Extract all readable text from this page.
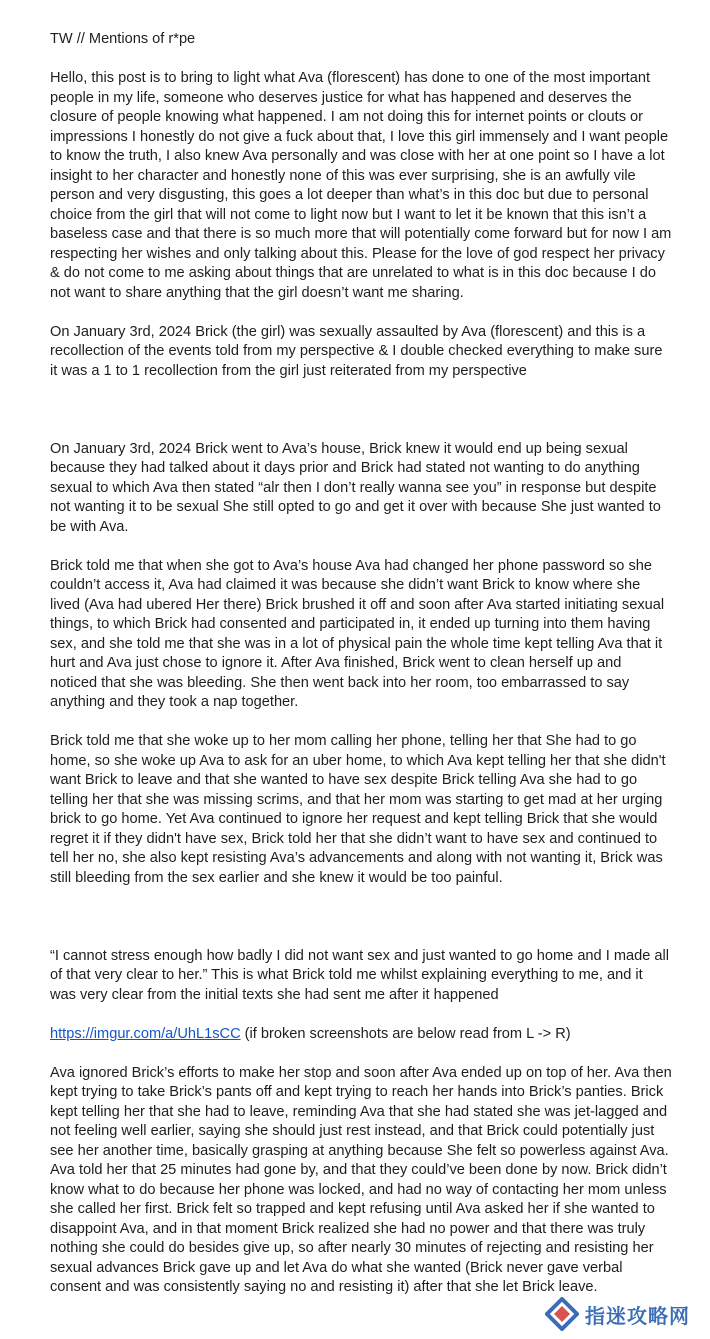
TW // Mentions of r*pe

Hello, this post is to bring to light what Ava (florescent) has done to one of the most important people in my life, someone who deserves justice for what has happened and deserves the closure of people knowing what happened. I am not doing this for internet points or clouts or impressions I honestly do not give a fuck about that, I love this girl immensely and I want people to know the truth, I also knew Ava personally and was close with her at one point so I have a lot insight to her character and honestly none of this was ever surprising, she is an awfully vile person and very disgusting, this goes a lot deeper than what’s in this doc but due to personal choice from the girl that will not come to light now but I want to let it be known that this isn’t a baseless case and that there is so much more that will potentially come forward but for now I am respecting her wishes and only talking about this. Please for the love of god respect her privacy & do not come to me asking about things that are unrelated to what is in this doc because I do not want to share anything that the girl doesn’t want me sharing.

On January 3rd, 2024 Brick (the girl) was sexually assaulted by Ava (florescent) and this is a recollection of the events told from my perspective & I double checked everything to make sure it was a 1 to 1 recollection from the girl just reiterated from my perspective

On January 3rd, 2024 Brick went to Ava’s house, Brick knew it would end up being sexual because they had talked about it days prior and Brick had stated not wanting to do anything sexual to which Ava then stated “alr then I don’t really wanna see you” in response but despite not wanting it to be sexual She still opted to go and get it over with because She just wanted to be with Ava.

Brick told me that when she got to Ava’s house Ava had changed her phone password so she couldn’t access it, Ava had claimed it was because she didn’t want Brick to know where she lived (Ava had ubered Her there) Brick brushed it off and soon after Ava started initiating sexual things, to which Brick had consented and participated in, it ended up turning into them having sex, and she told me that she was in a lot of physical pain the whole time kept telling Ava that it hurt and Ava just chose to ignore it. After Ava finished, Brick went to clean herself up and noticed that she was bleeding. She then went back into her room, too embarrassed to say anything and they took a nap together.

Brick told me that she woke up to her mom calling her phone, telling her that She had to go home, so she woke up Ava to ask for an uber home, to which Ava kept telling her that she didn't want Brick to leave and that she wanted to have sex despite Brick telling Ava she had to go telling her that she was missing scrims, and that her mom was starting to get mad at her urging brick to go home. Yet Ava continued to ignore her request and kept telling Brick that she would regret it if they didn't have sex, Brick told her that she didn’t want to have sex and continued to tell her no, she also kept resisting Ava’s advancements and along with not wanting it, Brick was still bleeding from the sex earlier and she knew it would be too painful.

“I cannot stress enough how badly I did not want sex and just wanted to go home and I made all of that very clear to her.” This is what Brick told me whilst explaining everything to me, and it was very clear from the initial texts she had sent me after it happened

https://imgur.com/a/UhL1sCC (if broken screenshots are below read from L -> R)

Ava ignored Brick’s efforts to make her stop and soon after Ava ended up on top of her. Ava then kept trying to take Brick’s pants off and kept trying to reach her hands into Brick’s panties. Brick kept telling her that she had to leave, reminding Ava that she had stated she was jet-lagged and not feeling well earlier, saying she should just rest instead, and that Brick could potentially just see her another time, basically grasping at anything because She felt so powerless against Ava. Ava told her that 25 minutes had gone by, and that they could’ve been done by now. Brick didn’t know what to do because her phone was locked, and had no way of contacting her mom unless she called her first. Brick felt so trapped and kept refusing until Ava asked her if she wanted to disappoint Ava, and in that moment Brick realized she had no power and that there was truly nothing she could do besides give up, so after nearly 30 minutes of rejecting and resisting her sexual advances Brick gave up and let Ava do what she wanted (Brick never gave verbal consent and was consistently saying no and resisting it) after that she let Brick leave.

指迷攻略网
